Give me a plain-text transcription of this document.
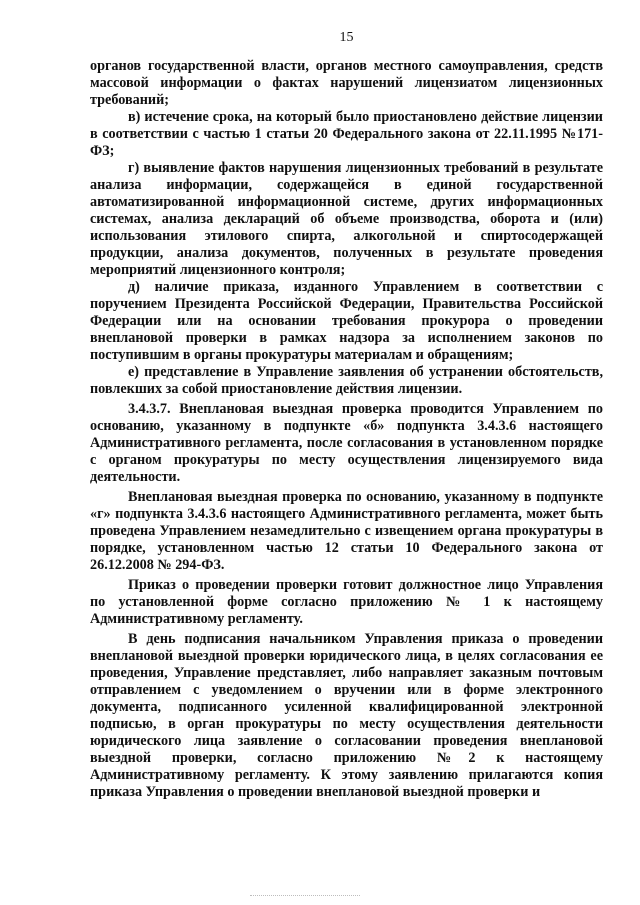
15

органов государственной власти, органов местного самоуправления, средств массовой информации о фактах нарушений лицензиатом лицензионных требований;

в) истечение срока, на который было приостановлено действие лицензии в соответствии с частью 1 статьи 20 Федерального закона от 22.11.1995 №171-ФЗ;

г) выявление фактов нарушения лицензионных требований в результате анализа информации, содержащейся в единой государственной автоматизированной информационной системе, других информационных системах, анализа деклараций об объеме производства, оборота и (или) использования этилового спирта, алкогольной и спиртосодержащей продукции, анализа документов, полученных в результате проведения мероприятий лицензионного контроля;

д) наличие приказа, изданного Управлением в соответствии с поручением Президента Российской Федерации, Правительства Российской Федерации или на основании требования прокурора о проведении внеплановой проверки в рамках надзора за исполнением законов по поступившим в органы прокуратуры материалам и обращениям;

е) представление в Управление заявления об устранении обстоятельств, повлекших за собой приостановление действия лицензии.

3.4.3.7. Внеплановая выездная проверка проводится Управлением по основанию, указанному в подпункте «б» подпункта 3.4.3.6 настоящего Административного регламента, после согласования в установленном порядке с органом прокуратуры по месту осуществления лицензируемого вида деятельности.

Внеплановая выездная проверка по основанию, указанному в подпункте «г» подпункта 3.4.3.6 настоящего Административного регламента, может быть проведена Управлением незамедлительно с извещением органа прокуратуры в порядке, установленном частью 12 статьи 10 Федерального закона от 26.12.2008 № 294-ФЗ.

Приказ о проведении проверки готовит должностное лицо Управления по установленной форме согласно приложению № 1 к настоящему Административному регламенту.

В день подписания начальником Управления приказа о проведении внеплановой выездной проверки юридического лица, в целях согласования ее проведения, Управление представляет, либо направляет заказным почтовым отправлением с уведомлением о вручении или в форме электронного документа, подписанного усиленной квалифицированной электронной подписью, в орган прокуратуры по месту осуществления деятельности юридического лица заявление о согласовании проведения внеплановой выездной проверки, согласно приложению №2 к настоящему Административному регламенту. К этому заявлению прилагаются копия приказа Управления о проведении внеплановой выездной проверки и
